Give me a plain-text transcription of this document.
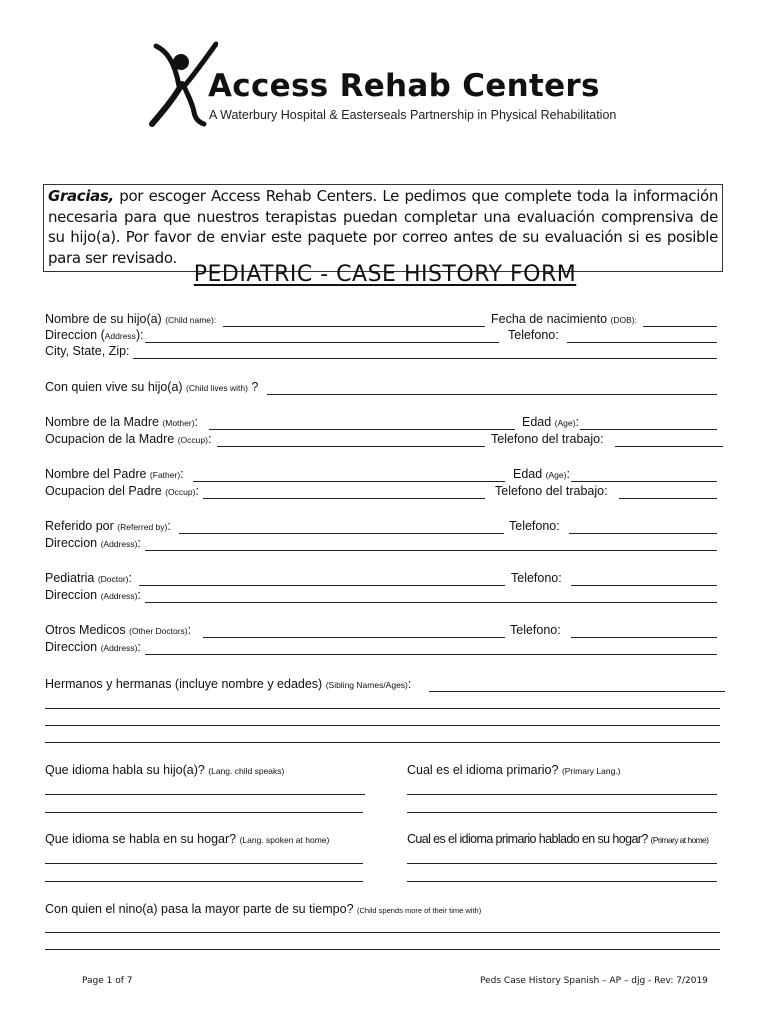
Access Rehab Centers
A Waterbury Hospital & Easterseals Partnership in Physical Rehabilitation
Gracias, por escoger Access Rehab Centers. Le pedimos que complete toda la información necesaria para que nuestros terapistas puedan completar una evaluación comprensiva de su hijo(a). Por favor de enviar este paquete por correo antes de su evaluación si es posible para ser revisado.
PEDIATRIC - CASE HISTORY FORM
Nombre de su hijo(a) (Child name):	Fecha de nacimiento (DOB):
Direccion (Address):	Telefono:
City, State, Zip:
Con quien vive su hijo(a) (Child lives with) ?
Nombre de la Madre (Mother):	Edad (Age):
Ocupacion de la Madre (Occup):	Telefono del trabajo:
Nombre del Padre (Father):	Edad (Age):
Ocupacion del Padre (Occup):	Telefono del trabajo:
Referido por (Referred by):	Telefono:
Direccion (Address):
Pediatria (Doctor):	Telefono:
Direccion (Address):
Otros Medicos (Other Doctors):	Telefono:
Direccion (Address):
Hermanos y hermanas (incluye nombre y edades) (Sibling Names/Ages):
Que idioma habla su hijo(a)? (Lang. child speaks)	Cual es el idioma primario? (Primary Lang.)
Que idioma se habla en su hogar? (Lang. spoken at home)	Cual es el idioma primario hablado en su hogar? (Primary at home)
Con quien el nino(a) pasa la mayor parte de su tiempo? (Child spends more of their time with)
Page 1 of 7	Peds Case History Spanish – AP – djg - Rev: 7/2019
